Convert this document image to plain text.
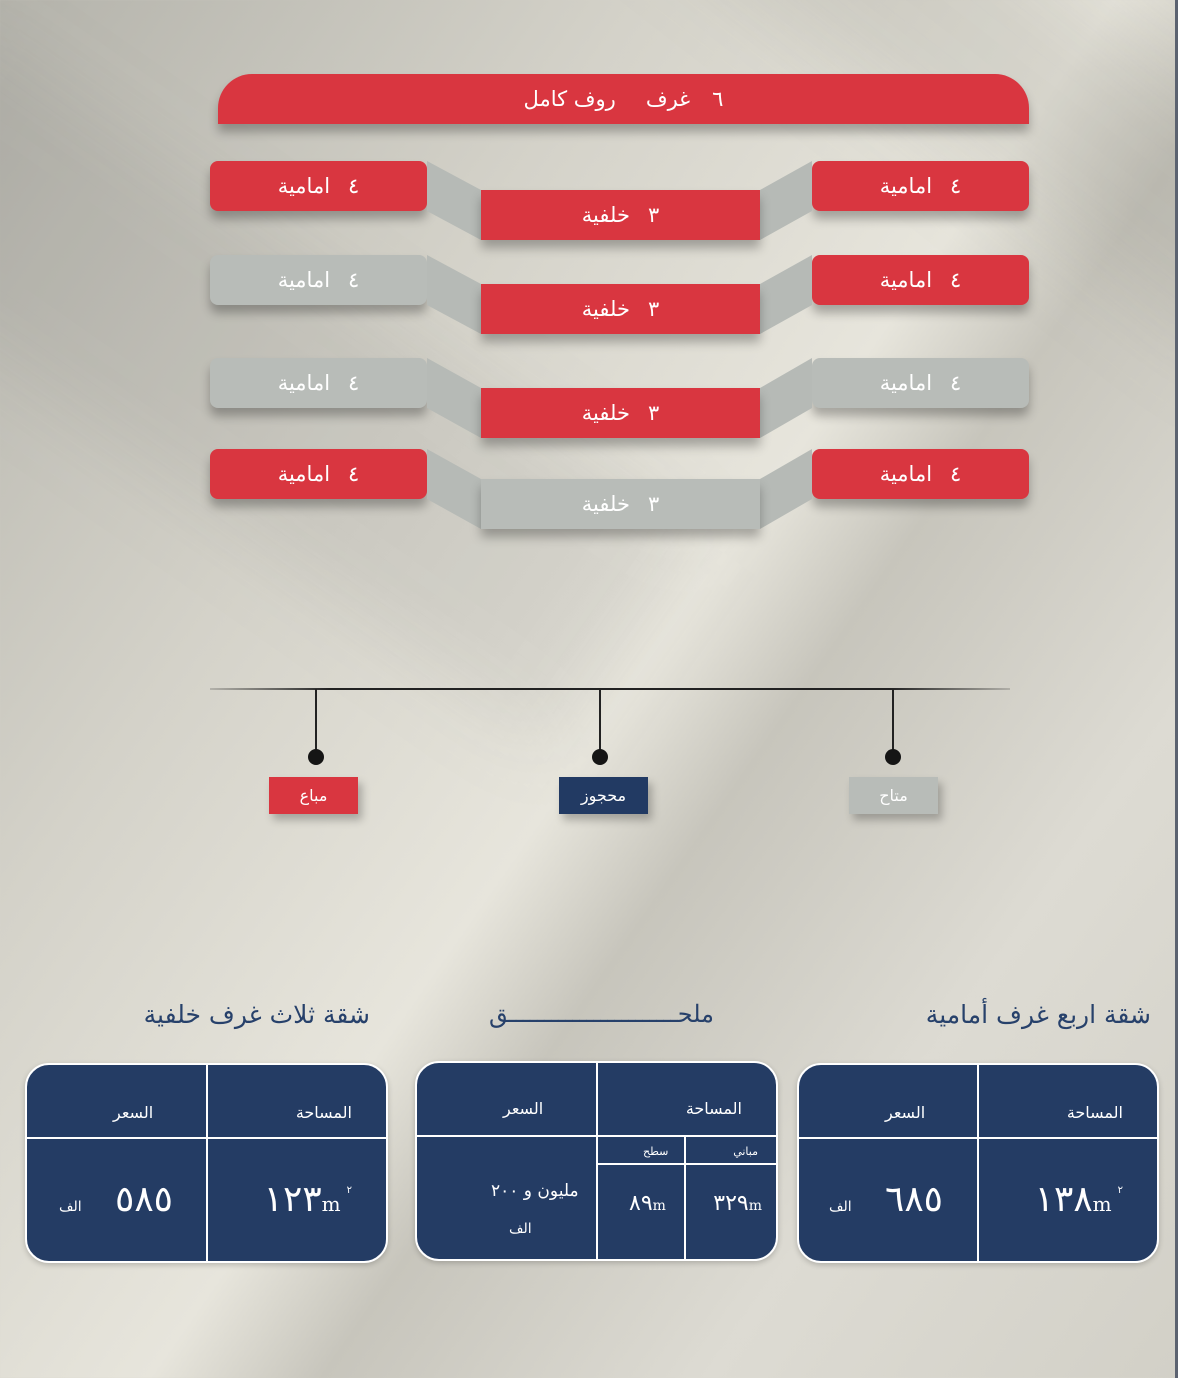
٦
غرف
روف كامل
٤
امامية
٣
خلفية
٤
امامية
٤
امامية
٣
خلفية
٤
امامية
٤
امامية
٣
خلفية
٤
امامية
٤
امامية
٣
خلفية
٤
امامية
مباع	محجوز	متاح
شقة اربع غرف أمامية
ملحــــــــــــــــــــــــق
شقة ثلاث غرف خلفية
المساحة
السعر
$١٣٨m^٢$
٦٨٥
الف
المساحة
السعر
مباني
سطح
٣٢٩m
٨٩m
مليون و ٢٠٠
الف
المساحة
السعر
$١٢٣m^٢$
٥٨٥
الف
